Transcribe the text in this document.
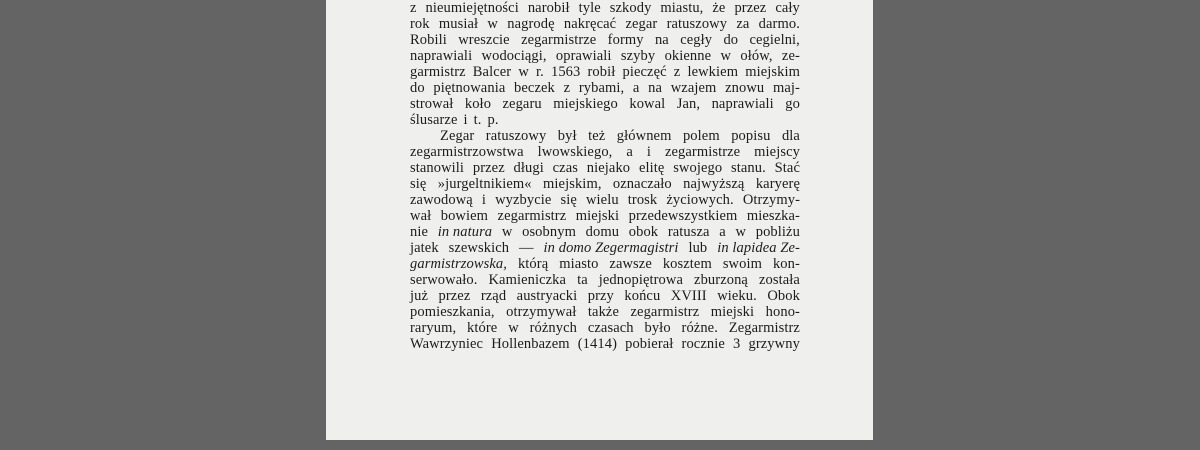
z nieumiejętności narobił tyle szkody miastu, że przez cały
rok musiał w nagrodę nakręcać zegar ratuszowy za darmo.
Robili wreszcie zegarmistrze formy na cegły do cegielni,
naprawiali wodociągi, oprawiali szyby okienne w ołów, ze-
garmistrz Balcer w r. 1563 robił pieczęć z lewkiem miejskim
do piętnowania beczek z rybami, a na wzajem znowu maj-
strował koło zegaru miejskiego kowal Jan, naprawiali go
ślusarze i t. p.
Zegar ratuszowy był też głównem polem popisu dla
zegarmistrzowstwa lwowskiego, a i zegarmistrze miejscy
stanowili przez długi czas niejako elitę swojego stanu. Stać
się »jurgeltnikiem« miejskim, oznaczało najwyższą karyerę
zawodową i wyzbycie się wielu trosk życiowych. Otrzymy-
wał bowiem zegarmistrz miejski przedewszystkiem mieszka-
nie in natura w osobnym domu obok ratusza a w pobliżu
jatek szewskich — in domo Zegermagistri lub in lapidea Ze-
garmistrzowska, którą miasto zawsze kosztem swoim kon-
serwowało. Kamieniczka ta jednopiętrowa zburzoną została
już przez rząd austryacki przy końcu XVIII wieku. Obok
pomieszkania, otrzymywał także zegarmistrz miejski hono-
raryum, które w różnych czasach było różne. Zegarmistrz
Wawrzyniec Hollenbazem (1414) pobierał rocznie 3 grzywny
